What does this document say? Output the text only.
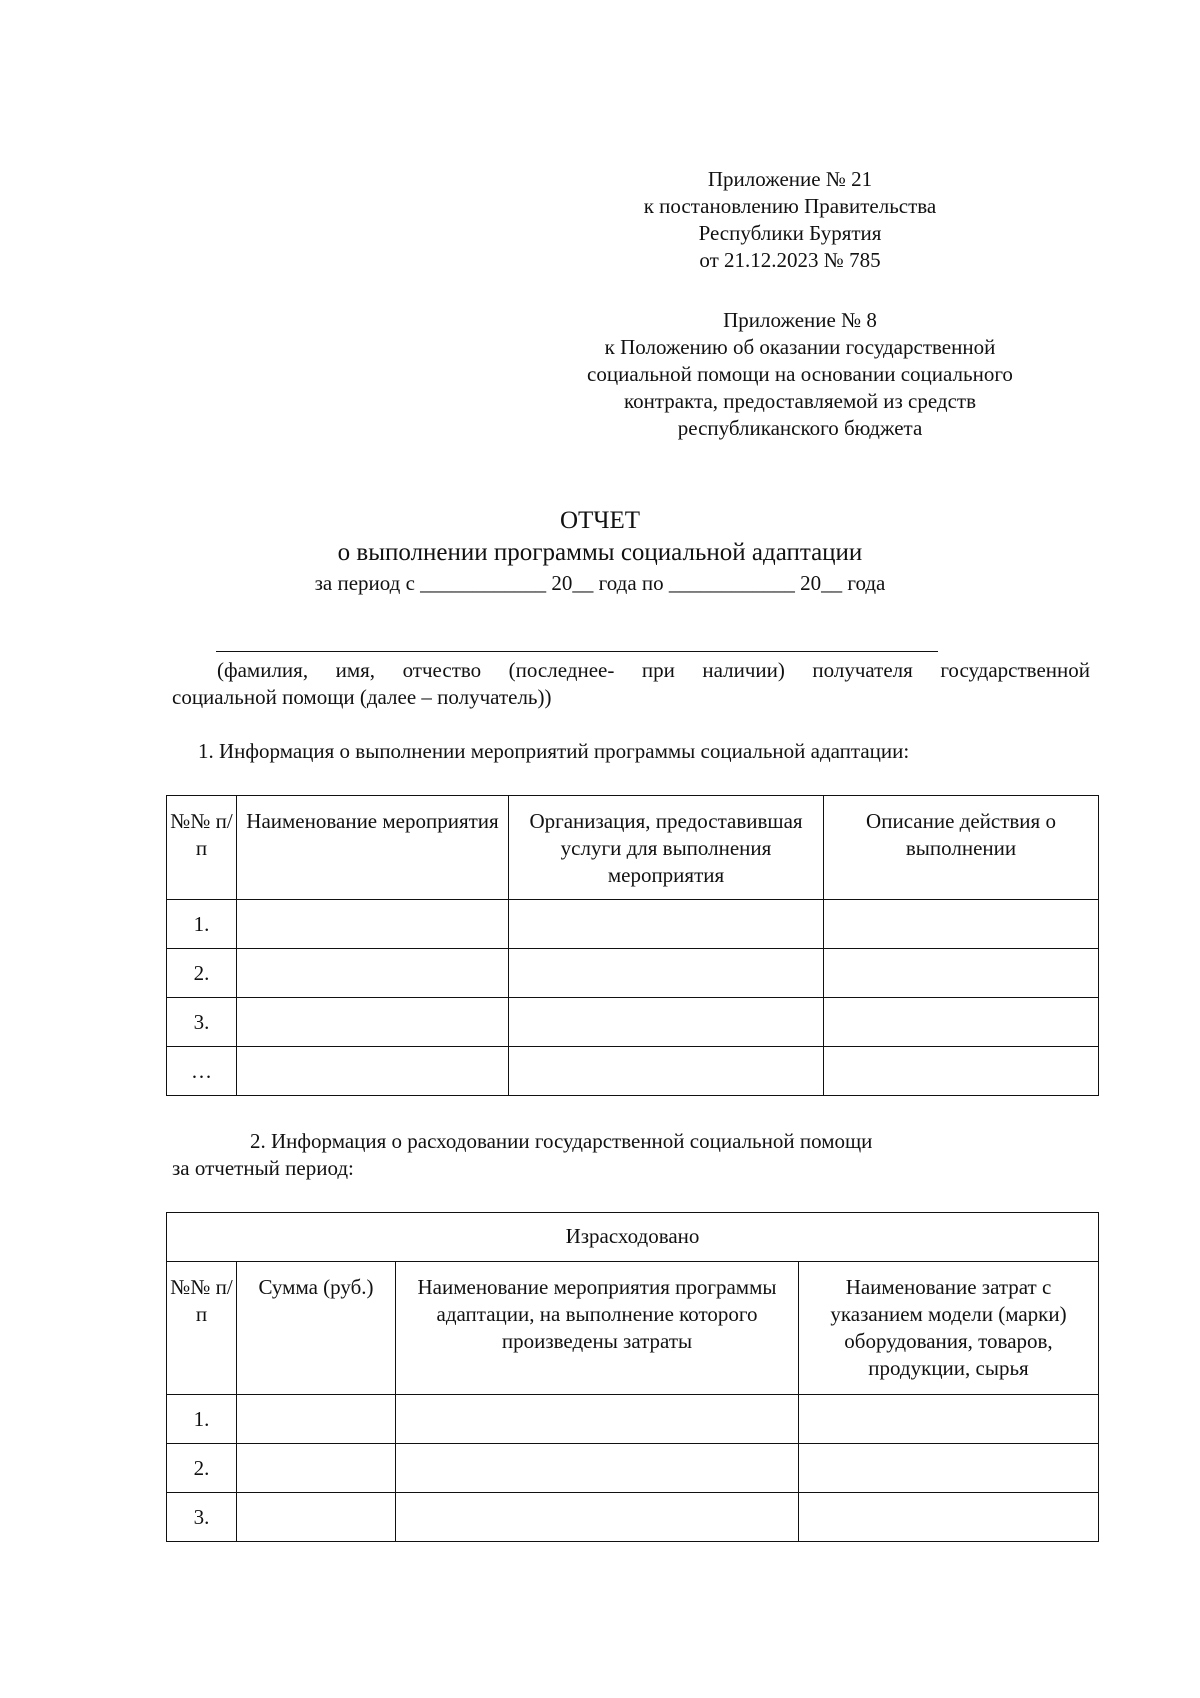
Приложение № 21
к постановлению Правительства
Республики Бурятия
от 21.12.2023 № 785
Приложение № 8
к Положению об оказании государственной
социальной помощи на основании социального
контракта, предоставляемой из средств
республиканского бюджета
ОТЧЕТ
о выполнении программы социальной адаптации
за период с ____________ 20__ года по ____________ 20__ года
(фамилия, имя, отчество (последнее- при наличии) получателя государственной
социальной помощи (далее – получатель))
1. Информация о выполнении мероприятий программы социальной адаптации:
№№ п/п	Наименование мероприятия	Организация, предоставившая услуги для выполнения мероприятия	Описание действия о выполнении
1.			
2.			
3.			
…			
2. Информация о расходовании государственной социальной помощи
за отчетный период:
Израсходовано			
№№ п/п	Сумма (руб.)	Наименование мероприятия программы адаптации, на выполнение которого произведены затраты	Наименование затрат с указанием модели (марки) оборудования, товаров, продукции, сырья
1.			
2.			
3.			
